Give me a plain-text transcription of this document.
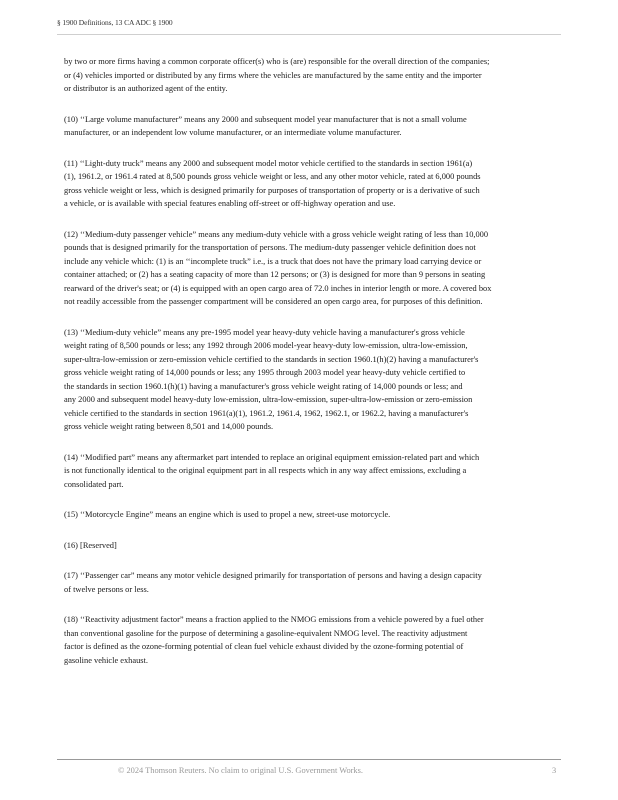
§ 1900 Definitions, 13 CA ADC § 1900

by two or more firms having a common corporate officer(s) who is (are) responsible for the overall direction of the companies;
or (4) vehicles imported or distributed by any firms where the vehicles are manufactured by the same entity and the importer
or distributor is an authorized agent of the entity.

(10) ‘‘Large volume manufacturer” means any 2000 and subsequent model year manufacturer that is not a small volume
manufacturer, or an independent low volume manufacturer, or an intermediate volume manufacturer.

(11) ‘‘Light-duty truck” means any 2000 and subsequent model motor vehicle certified to the standards in section 1961(a)
(1), 1961.2, or 1961.4 rated at 8,500 pounds gross vehicle weight or less, and any other motor vehicle, rated at 6,000 pounds
gross vehicle weight or less, which is designed primarily for purposes of transportation of property or is a derivative of such
a vehicle, or is available with special features enabling off-street or off-highway operation and use.

(12) ‘‘Medium-duty passenger vehicle” means any medium-duty vehicle with a gross vehicle weight rating of less than 10,000
pounds that is designed primarily for the transportation of persons. The medium-duty passenger vehicle definition does not
include any vehicle which: (1) is an ‘‘incomplete truck” i.e., is a truck that does not have the primary load carrying device or
container attached; or (2) has a seating capacity of more than 12 persons; or (3) is designed for more than 9 persons in seating
rearward of the driver's seat; or (4) is equipped with an open cargo area of 72.0 inches in interior length or more. A covered box
not readily accessible from the passenger compartment will be considered an open cargo area, for purposes of this definition.

(13) ‘‘Medium-duty vehicle” means any pre-1995 model year heavy-duty vehicle having a manufacturer's gross vehicle
weight rating of 8,500 pounds or less; any 1992 through 2006 model-year heavy-duty low-emission, ultra-low-emission,
super-ultra-low-emission or zero-emission vehicle certified to the standards in section 1960.1(h)(2) having a manufacturer's
gross vehicle weight rating of 14,000 pounds or less; any 1995 through 2003 model year heavy-duty vehicle certified to
the standards in section 1960.1(h)(1) having a manufacturer's gross vehicle weight rating of 14,000 pounds or less; and
any 2000 and subsequent model heavy-duty low-emission, ultra-low-emission, super-ultra-low-emission or zero-emission
vehicle certified to the standards in section 1961(a)(1), 1961.2, 1961.4, 1962, 1962.1, or 1962.2, having a manufacturer's
gross vehicle weight rating between 8,501 and 14,000 pounds.

(14) ‘‘Modified part” means any aftermarket part intended to replace an original equipment emission-related part and which
is not functionally identical to the original equipment part in all respects which in any way affect emissions, excluding a
consolidated part.

(15) ‘‘Motorcycle Engine” means an engine which is used to propel a new, street-use motorcycle.

(16) [Reserved]

(17) ‘‘Passenger car” means any motor vehicle designed primarily for transportation of persons and having a design capacity
of twelve persons or less.

(18) ‘‘Reactivity adjustment factor” means a fraction applied to the NMOG emissions from a vehicle powered by a fuel other
than conventional gasoline for the purpose of determining a gasoline-equivalent NMOG level. The reactivity adjustment
factor is defined as the ozone-forming potential of clean fuel vehicle exhaust divided by the ozone-forming potential of
gasoline vehicle exhaust.

© 2024 Thomson Reuters. No claim to original U.S. Government Works.	3
